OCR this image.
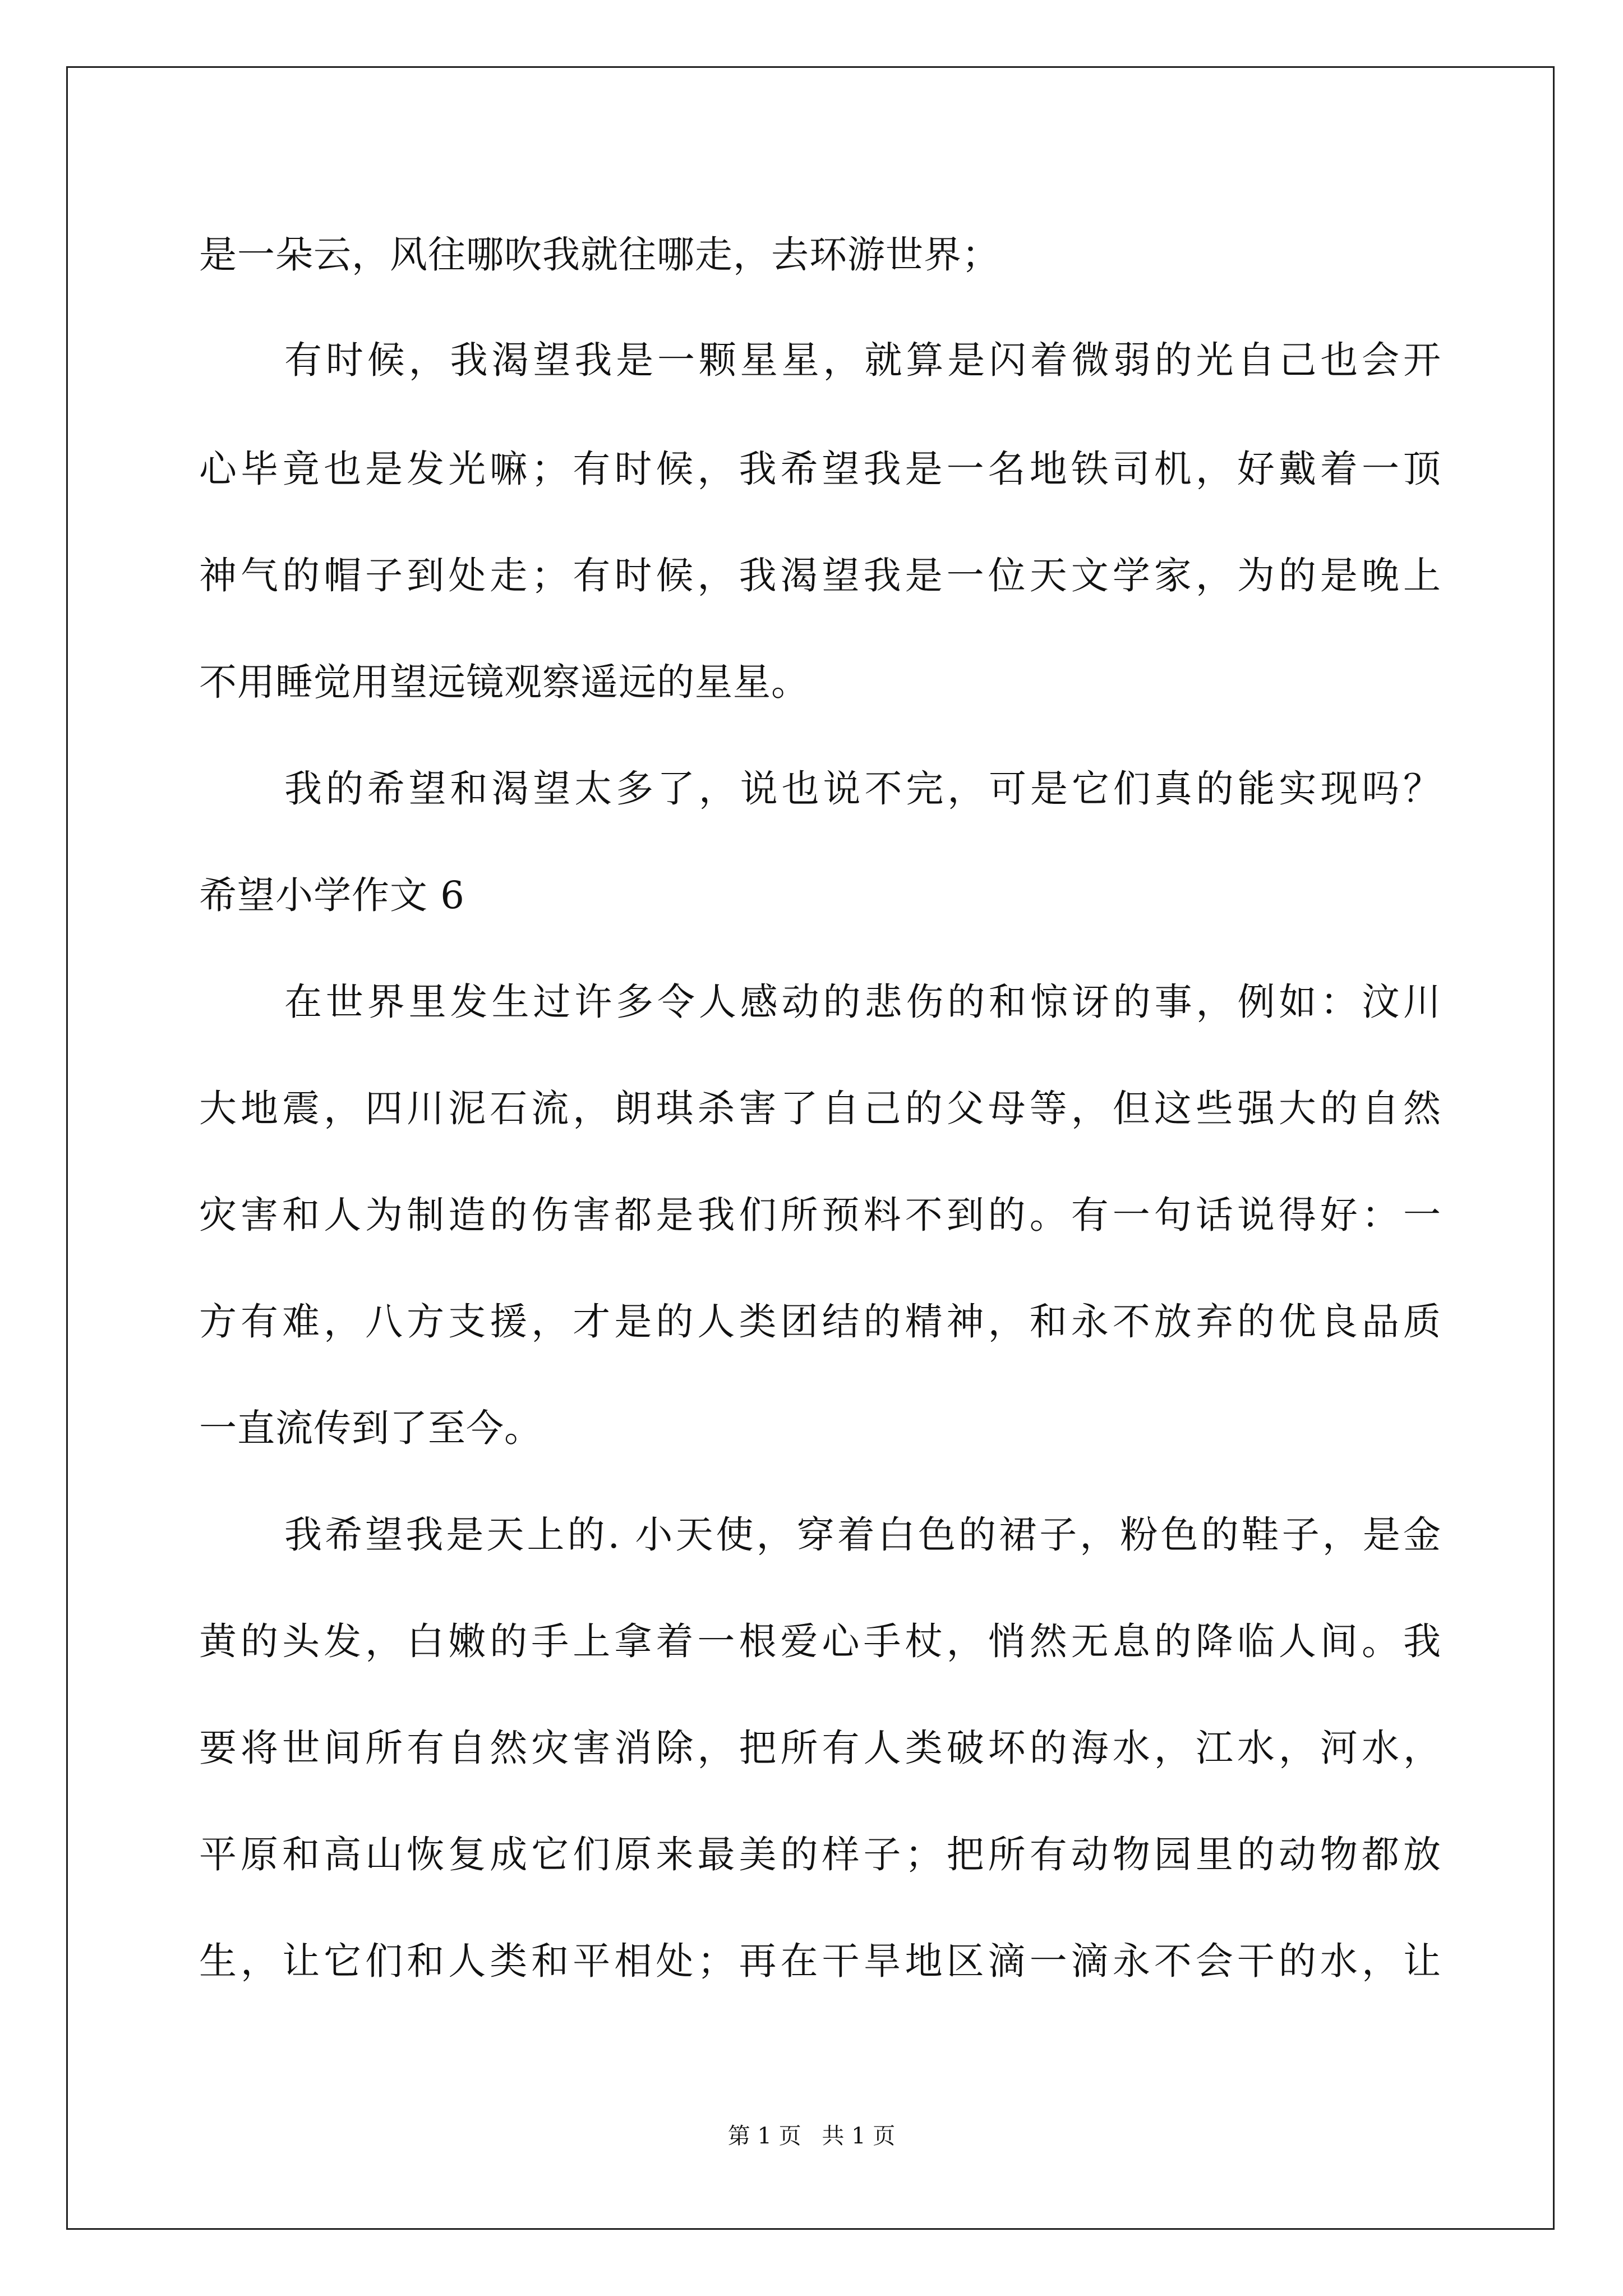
是一朵云，风往哪吹我就往哪走，去环游世界；
有时候，我渴望我是一颗星星，就算是闪着微弱的光自己也会开
心毕竟也是发光嘛；有时候，我希望我是一名地铁司机，好戴着一顶
神气的帽子到处走；有时候，我渴望我是一位天文学家，为的是晚上
不用睡觉用望远镜观察遥远的星星。
我的希望和渴望太多了，说也说不完，可是它们真的能实现吗？
希望小学作文 6
在世界里发生过许多令人感动的悲伤的和惊讶的事，例如：汶川
大地震，四川泥石流，朗琪杀害了自己的父母等，但这些强大的自然
灾害和人为制造的伤害都是我们所预料不到的。有一句话说得好：一
方有难，八方支援，才是的人类团结的精神，和永不放弃的优良品质
一直流传到了至今。
我希望我是天上的. 小天使，穿着白色的裙子，粉色的鞋子，是金
黄的头发，白嫩的手上拿着一根爱心手杖，悄然无息的降临人间。我
要将世间所有自然灾害消除，把所有人类破坏的海水，江水，河水，
平原和高山恢复成它们原来最美的样子；把所有动物园里的动物都放
生，让它们和人类和平相处；再在干旱地区滴一滴永不会干的水，让
第 1 页 共 1 页
